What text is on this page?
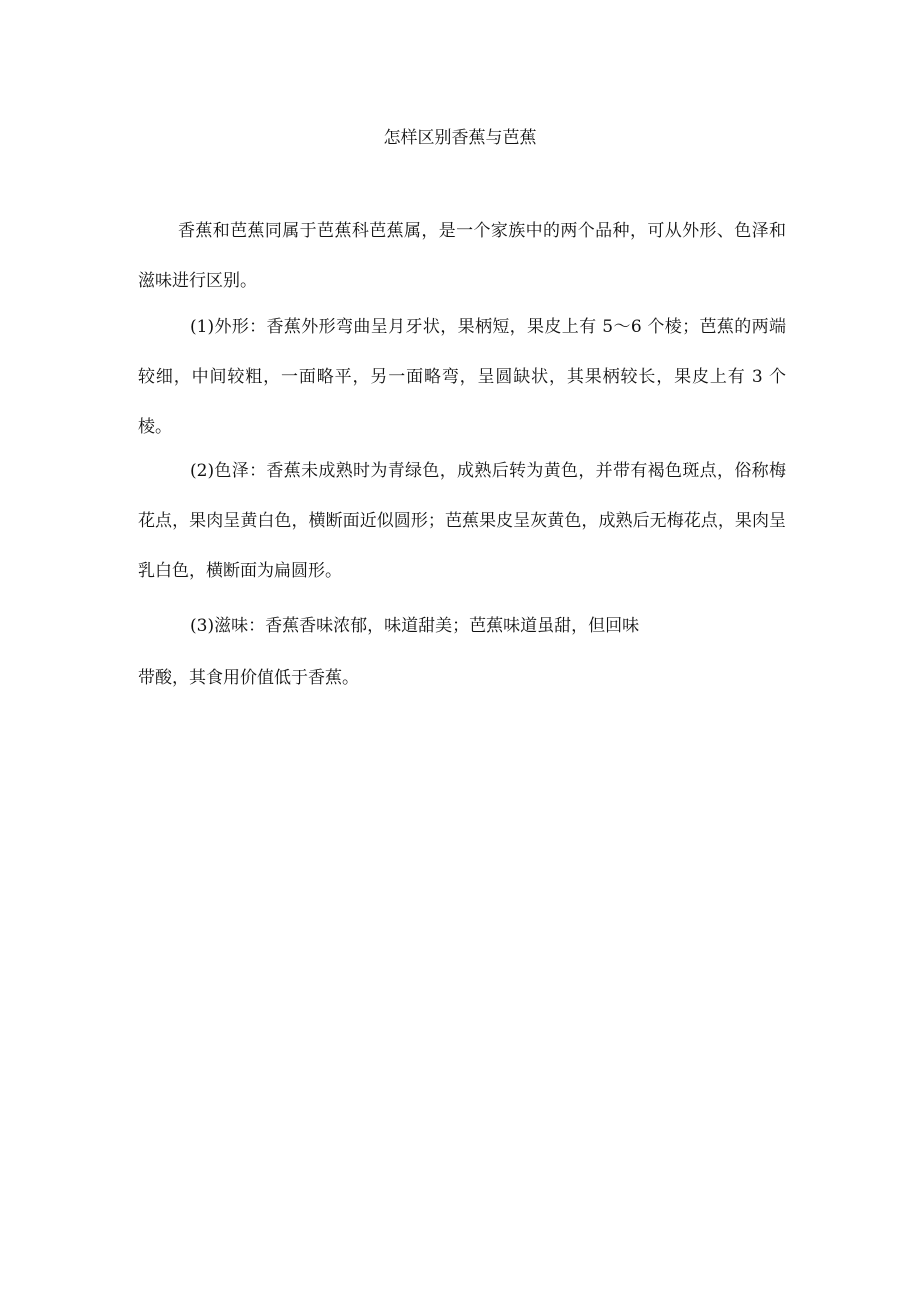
怎样区别香蕉与芭蕉

香蕉和芭蕉同属于芭蕉科芭蕉属，是一个家族中的两个品种，可从外形、色泽和滋味进行区别。

(1)外形：香蕉外形弯曲呈月牙状，果柄短，果皮上有 5～6 个棱；芭蕉的两端较细，中间较粗，一面略平，另一面略弯，呈圆缺状，其果柄较长，果皮上有 3 个棱。

(2)色泽：香蕉未成熟时为青绿色，成熟后转为黄色，并带有褐色斑点，俗称梅花点，果肉呈黄白色，横断面近似圆形；芭蕉果皮呈灰黄色，成熟后无梅花点，果肉呈乳白色，横断面为扁圆形。

(3)滋味：香蕉香味浓郁，味道甜美；芭蕉味道虽甜，但回味

带酸，其食用价值低于香蕉。
